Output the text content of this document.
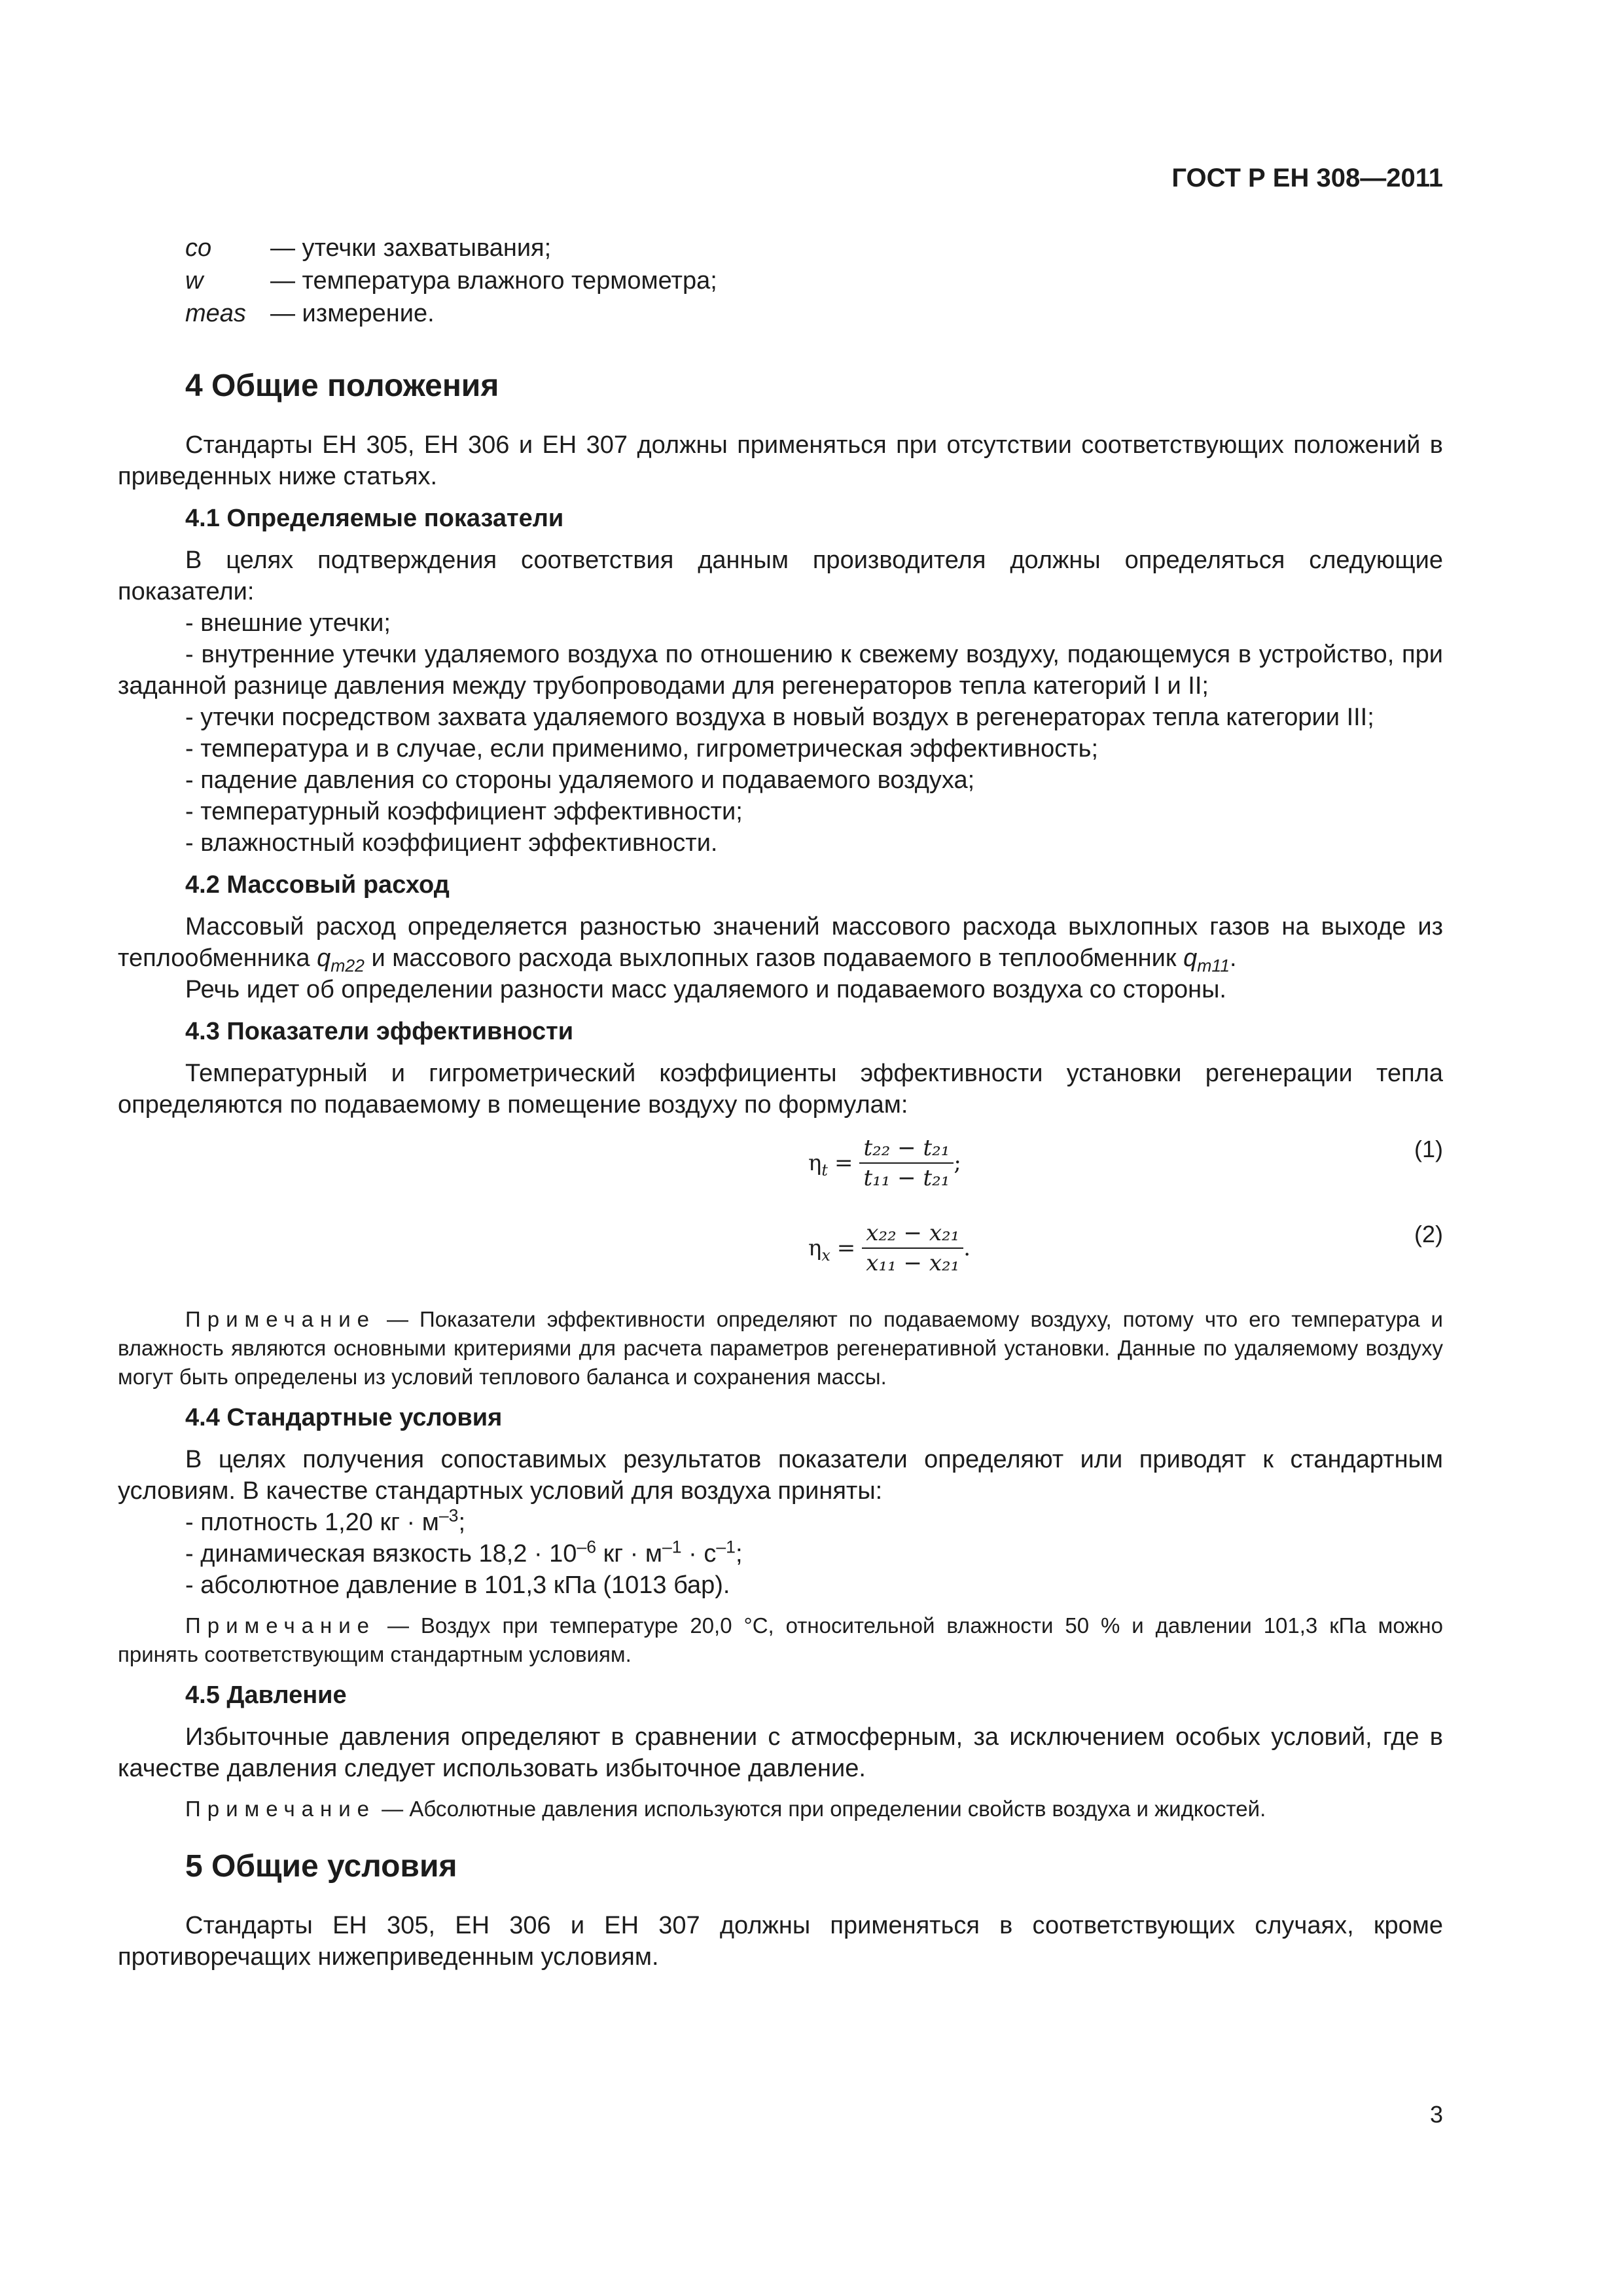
ГОСТ Р ЕН 308—2011
co	— утечки захватывания;
w	— температура влажного термометра;
meas — измерение.

4 Общие положения

Стандарты ЕН 305, ЕН 306 и ЕН 307 должны применяться при отсутствии соответствующих положений в приведенных ниже статьях.

4.1 Определяемые показатели

В целях подтверждения соответствия данным производителя должны определяться следующие показатели:

- внешние утечки;

- внутренние утечки удаляемого воздуха по отношению к свежему воздуху, подающемуся в устройство, при заданной разнице давления между трубопроводами для регенераторов тепла категорий I и II;

- утечки посредством захвата удаляемого воздуха в новый воздух в регенераторах тепла категории III;

- температура и в случае, если применимо, гигрометрическая эффективность;

- падение давления со стороны удаляемого и подаваемого воздуха;

- температурный коэффициент эффективности;

- влажностный коэффициент эффективности.

4.2 Массовый расход

Массовый расход определяется разностью значений массового расхода выхлопных газов на выходе из теплообменника $q_{m22}$ и массового расхода выхлопных газов подаваемого в теплообменник $q_{m11}$.

Речь идет об определении разности масс удаляемого и подаваемого воздуха со стороны.

4.3 Показатели эффективности

Температурный и гигрометрический коэффициенты эффективности установки регенерации тепла определяются по подаваемому в помещение воздуху по формулам:

$\eta_t = \frac{\text{t₂₂ − t₂₁}}{\text{t₁₁ − t₂₁}}$ ;
(1)
$\eta_x = \frac{\text{x₂₂ − x₂₁}}{\text{x₁₁ − x₂₁}}$ .
(2)

Примечание — Показатели эффективности определяют по подаваемому воздуху, потому что его температура и влажность являются основными критериями для расчета параметров регенеративной установки. Данные по удаляемому воздуху могут быть определены из условий теплового баланса и сохранения массы.

4.4 Стандартные условия

В целях получения сопоставимых результатов показатели определяют или приводят к стандартным условиям. В качестве стандартных условий для воздуха приняты:

- плотность 1,20 кг · $м^{-3}$;

- динамическая вязкость $18,2 \cdot 10^{-6}$ кг · $м^{-1} \cdot с^{-1}$;

- абсолютное давление в 101,3 кПа (1013 бар).

Примечание — Воздух при температуре 20,0 °С, относительной влажности 50 % и давлении 101,3 кПа можно принять соответствующим стандартным условиям.

4.5 Давление

Избыточные давления определяют в сравнении с атмосферным, за исключением особых условий, где в качестве давления следует использовать избыточное давление.

Примечание — Абсолютные давления используются при определении свойств воздуха и жидкостей.

5 Общие условия

Стандарты ЕН 305, ЕН 306 и ЕН 307 должны применяться в соответствующих случаях, кроме противоречащих нижеприведенным условиям.

3
